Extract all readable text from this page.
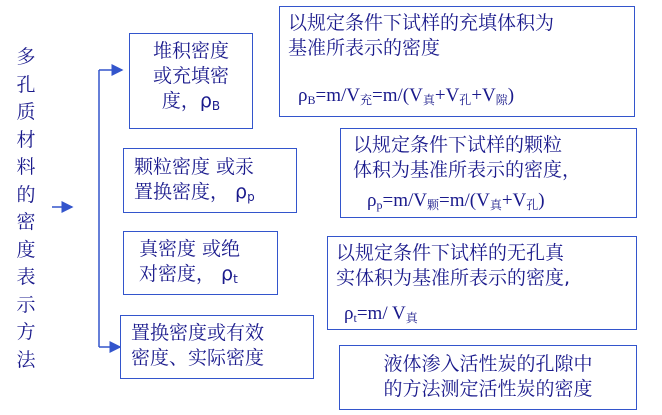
多孔质材料的密度表示方法
堆积密度
或充填密
度，$\rho_B$
颗粒密度 或汞
置换密度， $\rho_p$
真密度 或绝
对密度， $\rho_t$
置换密度或有效
密度、实际密度
以规定条件下试样的充填体积为
基准所表示的密度
$\rho_B=m/V_充=m/(V_真+V_孔+V_隙)$
以规定条件下试样的颗粒
体积为基准所表示的密度，
$\rho_p=m/V_颗=m/(V_真+V_孔)$
以规定条件下试样的无孔真
实体积为基准所表示的密度,
$\rho_t=m/$ $V_真$
液体渗入活性炭的孔隙中
的方法测定活性炭的密度
